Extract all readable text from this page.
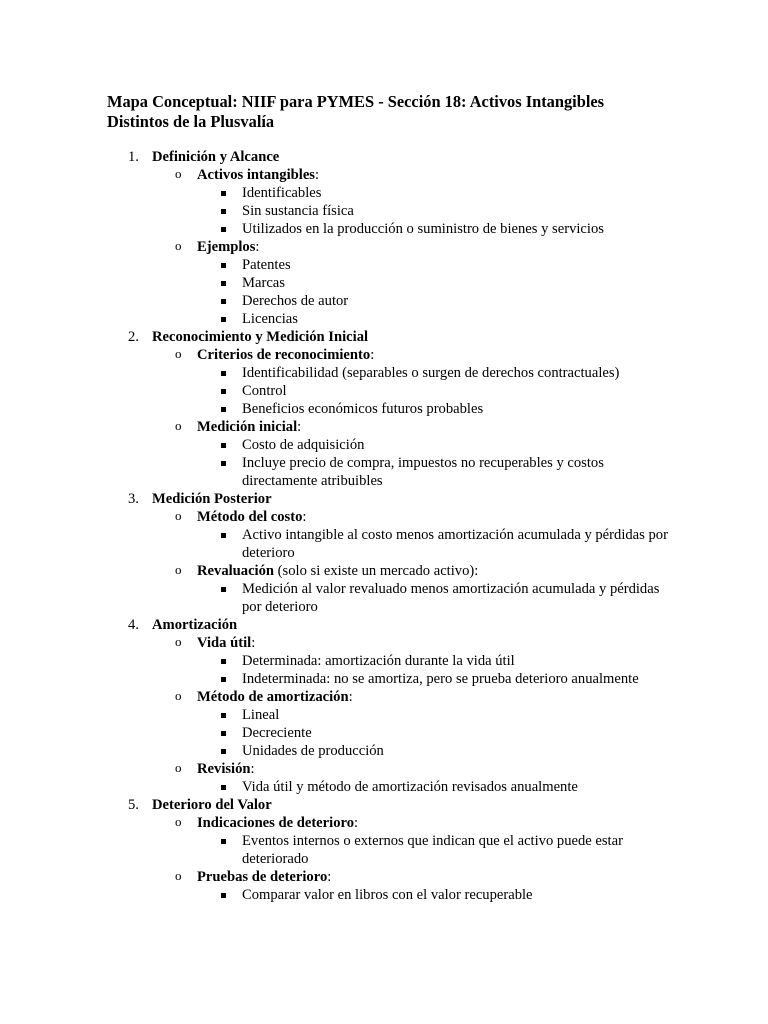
Mapa Conceptual: NIIF para PYMES - Sección 18: Activos Intangibles Distintos de la Plusvalía
1. Definición y Alcance
o Activos intangibles:
Identificables
Sin sustancia física
Utilizados en la producción o suministro de bienes y servicios
o Ejemplos:
Patentes
Marcas
Derechos de autor
Licencias
2. Reconocimiento y Medición Inicial
o Criterios de reconocimiento:
Identificabilidad (separables o surgen de derechos contractuales)
Control
Beneficios económicos futuros probables
o Medición inicial:
Costo de adquisición
Incluye precio de compra, impuestos no recuperables y costos directamente atribuibles
3. Medición Posterior
o Método del costo:
Activo intangible al costo menos amortización acumulada y pérdidas por deterioro
o Revaluación (solo si existe un mercado activo):
Medición al valor revaluado menos amortización acumulada y pérdidas por deterioro
4. Amortización
o Vida útil:
Determinada: amortización durante la vida útil
Indeterminada: no se amortiza, pero se prueba deterioro anualmente
o Método de amortización:
Lineal
Decreciente
Unidades de producción
o Revisión:
Vida útil y método de amortización revisados anualmente
5. Deterioro del Valor
o Indicaciones de deterioro:
Eventos internos o externos que indican que el activo puede estar deteriorado
o Pruebas de deterioro:
Comparar valor en libros con el valor recuperable
